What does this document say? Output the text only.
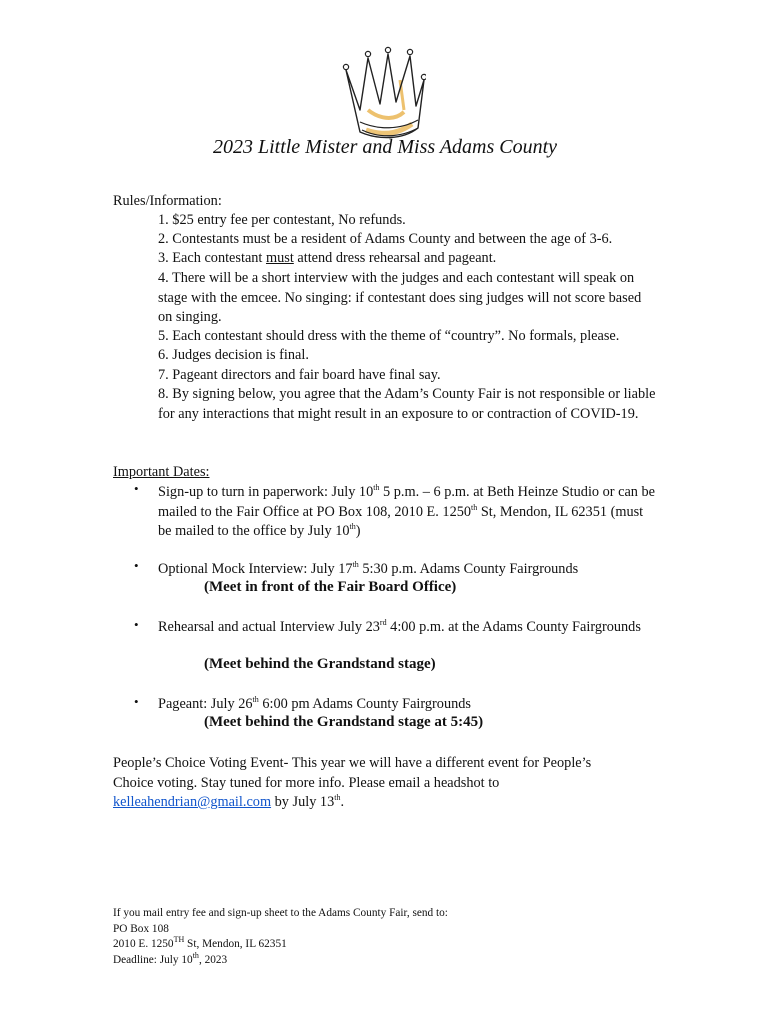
2023 Little Mister and Miss Adams County
Rules/Information:
1. $25 entry fee per contestant, No refunds.
2. Contestants must be a resident of Adams County and between the age of 3-6.
3. Each contestant must attend dress rehearsal and pageant.
4. There will be a short interview with the judges and each contestant will speak on stage with the emcee. No singing: if contestant does sing judges will not score based on singing.
5. Each contestant should dress with the theme of “country”. No formals, please.
6. Judges decision is final.
7. Pageant directors and fair board have final say.
8. By signing below, you agree that the Adam’s County Fair is not responsible or liable for any interactions that might result in an exposure to or contraction of COVID-19.
Important Dates:
• Sign-up to turn in paperwork: July 10th 5 p.m. – 6 p.m. at Beth Heinze Studio or can be mailed to the Fair Office at PO Box 108, 2010 E. 1250th St, Mendon, IL 62351 (must be mailed to the office by July 10th)
• Optional Mock Interview: July 17th 5:30 p.m. Adams County Fairgrounds
(Meet in front of the Fair Board Office)
• Rehearsal and actual Interview July 23rd 4:00 p.m. at the Adams County Fairgrounds
(Meet behind the Grandstand stage)
• Pageant: July 26th 6:00 pm Adams County Fairgrounds
(Meet behind the Grandstand stage at 5:45)
People’s Choice Voting Event- This year we will have a different event for People’s Choice voting. Stay tuned for more info. Please email a headshot to kelleahendrian@gmail.com by July 13th.
If you mail entry fee and sign-up sheet to the Adams County Fair, send to:
PO Box 108
2010 E. 1250TH St, Mendon, IL 62351
Deadline: July 10th, 2023
